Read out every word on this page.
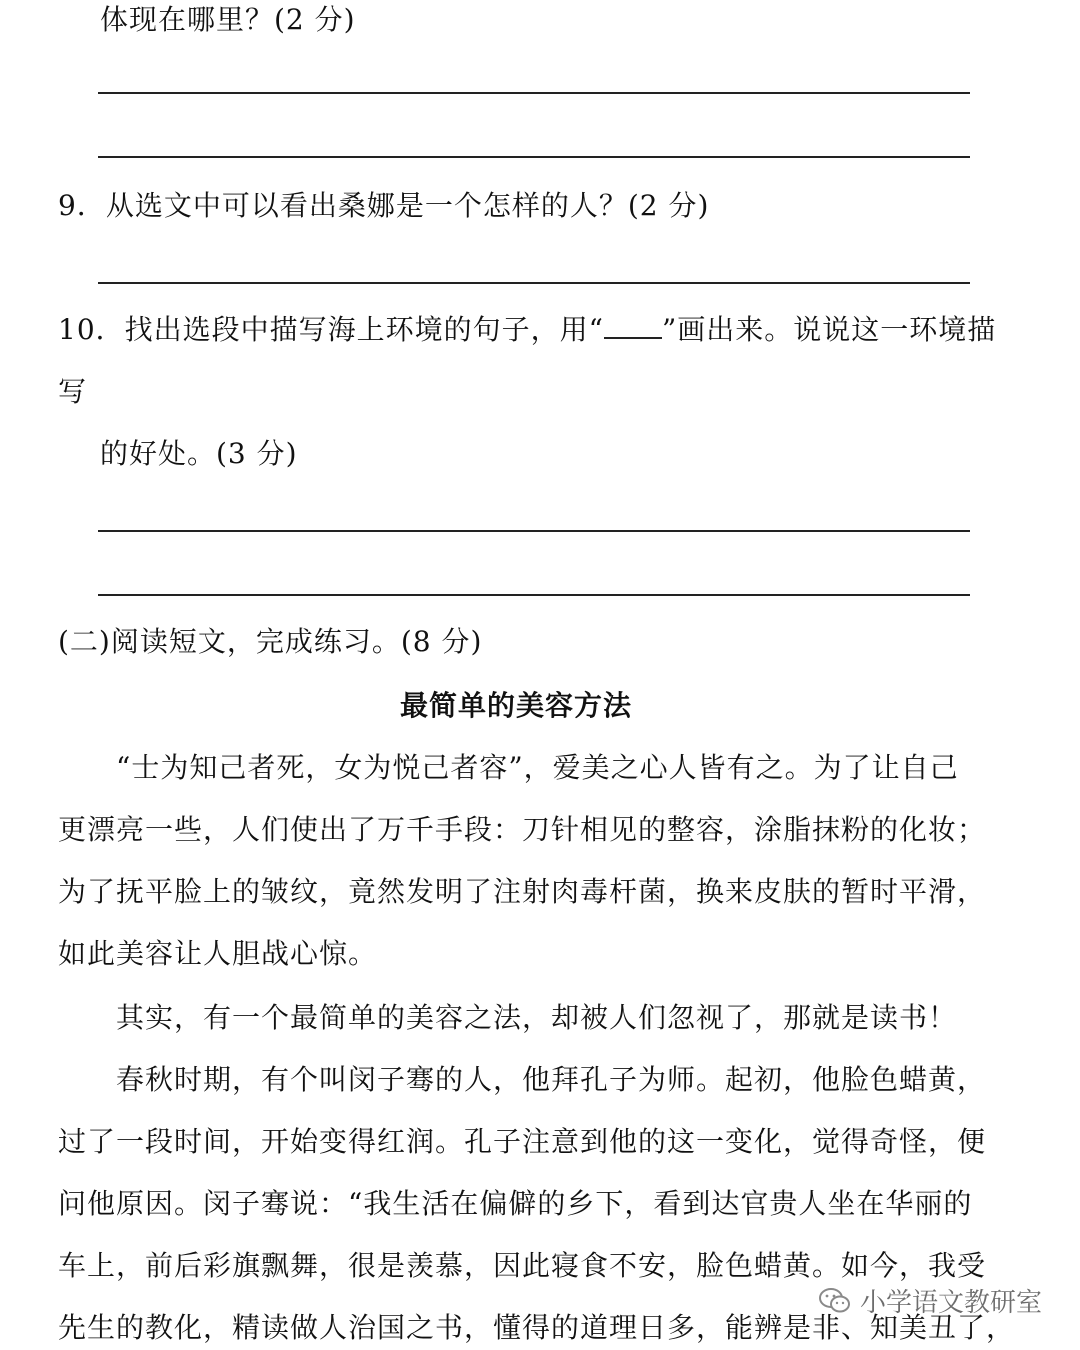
体现在哪里？(2 分)
9．从选文中可以看出桑娜是一个怎样的人？(2 分)
10．找出选段中描写海上环境的句子，用“ ”画出来。说说这一环境描
写
的好处。(3 分)
(二)阅读短文，完成练习。(8 分)
最简单的美容方法
“士为知己者死，女为悦己者容”，爱美之心人皆有之。为了让自己
更漂亮一些，人们使出了万千手段：刀针相见的整容，涂脂抹粉的化妆；
为了抚平脸上的皱纹，竟然发明了注射肉毒杆菌，换来皮肤的暂时平滑，
如此美容让人胆战心惊。
其实，有一个最简单的美容之法，却被人们忽视了，那就是读书！
春秋时期，有个叫闵子骞的人，他拜孔子为师。起初，他脸色蜡黄，
过了一段时间，开始变得红润。孔子注意到他的这一变化，觉得奇怪，便
问他原因。闵子骞说：“我生活在偏僻的乡下，看到达官贵人坐在华丽的
车上，前后彩旗飘舞，很是羡慕，因此寝食不安，脸色蜡黄。如今，我受
先生的教化，精读做人治国之书，懂得的道理日多，能辨是非、知美丑了，
小学语文教研室
